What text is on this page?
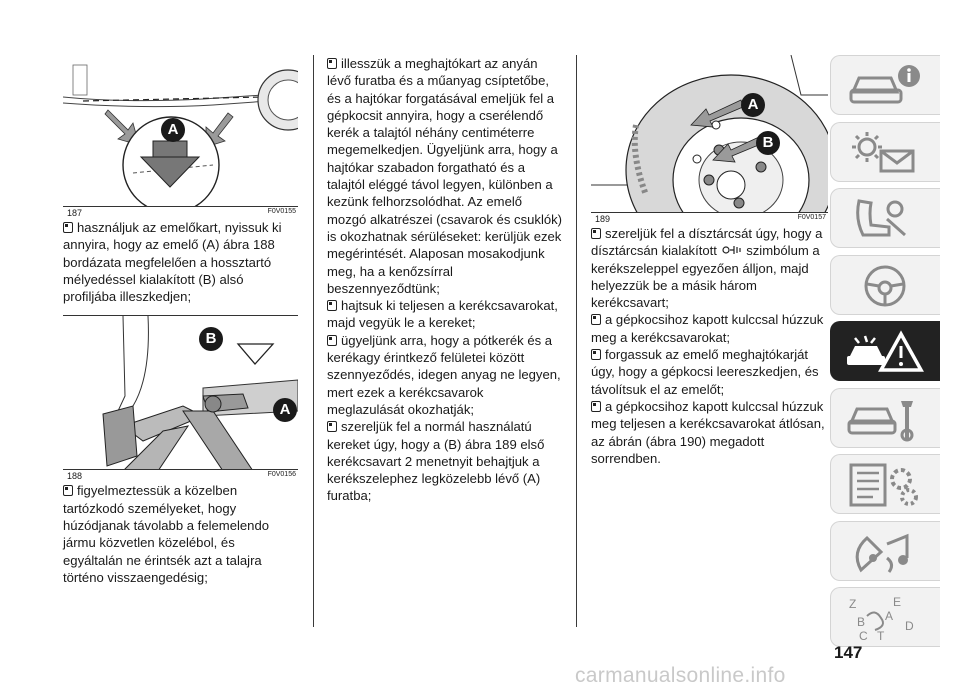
A
187	F0V0155

használjuk az emelőkart, nyissuk ki annyira, hogy az emelő (A) ábra 188 bordázata megfelelően a hossztartó mélyedéssel kialakított (B) alsó profiljába illeszkedjen;

B
A
188	F0V0156

figyelmeztessük a közelben tartózkodó személyeket, hogy húzódjanak távolabb a felemelendo jármu közvetlen közelébol, és egyáltalán ne érintsék azt a talajra történo visszaengedésig;

illesszük a meghajtókart az anyán lévő furatba és a műanyag csíptetőbe, és a hajtókar forgatásával emeljük fel a gépkocsit annyira, hogy a cserélendő kerék a talajtól néhány centiméterre megemelkedjen. Ügyeljünk arra, hogy a hajtókar szabadon forgatható és a talajtól eléggé távol legyen, különben a kezünk felhorzsolódhat. Az emelő mozgó alkatrészei (csavarok és csuklók) is okozhatnak sérüléseket: kerüljük ezek megérintését. Alaposan mosakodjunk meg, ha a kenőzsírral beszennyeződtünk;

hajtsuk ki teljesen a kerékcsavarokat, majd vegyük le a kereket;

ügyeljünk arra, hogy a pótkerék és a kerékagy érintkező felületei között szennyeződés, idegen anyag ne legyen, mert ezek a kerékcsavarok meglazulását okozhatják;

szereljük fel a normál használatú kereket úgy, hogy a (B) ábra 189 első kerékcsavart 2 menetnyit behajtjuk a kerékszelephez legközelebb lévő (A) furatba;

A
B
189	F0V0157

szereljük fel a dísztárcsát úgy, hogy a dísztárcsán kialakított szimbólum a kerékszeleppel egyezően álljon, majd helyezzük be a másik három kerékcsavart;

a gépkocsihoz kapott kulccsal húzzuk meg a kerékcsavarokat;

forgassuk az emelő meghajtókarját úgy, hogy a gépkocsi leereszkedjen, és távolítsuk el az emelőt;

a gépkocsihoz kapott kulccsal húzzuk meg teljesen a kerékcsavarokat átlósan, az ábrán (ábra 190) megadott sorrendben.

Z	E
A
B	D
C T
147
carmanualsonline.info
